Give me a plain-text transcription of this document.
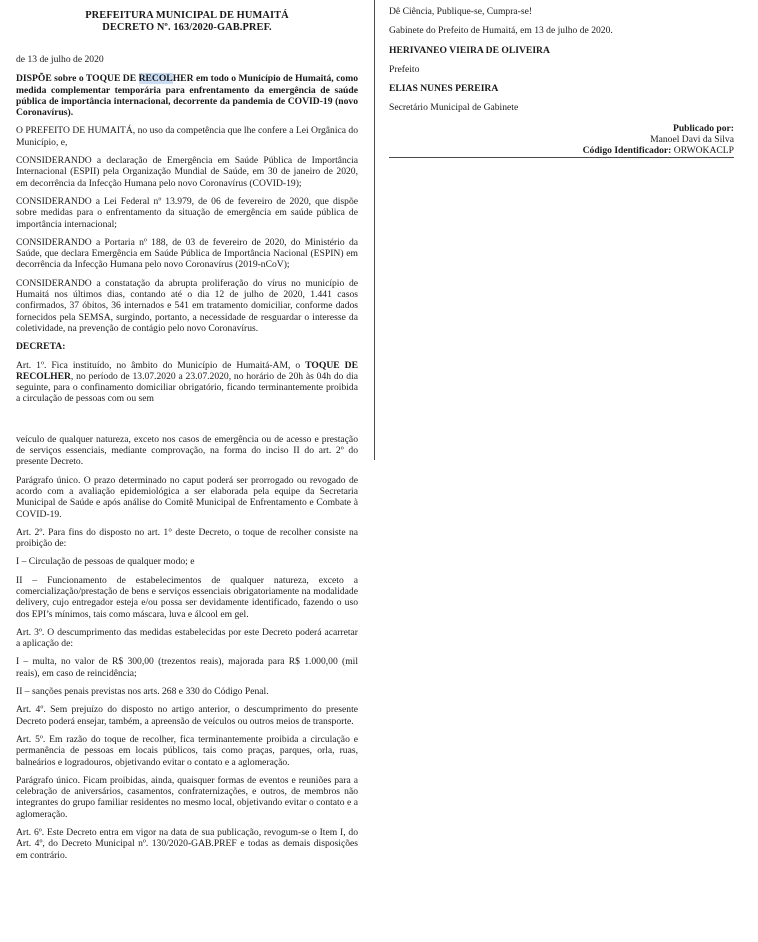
PREFEITURA MUNICIPAL DE HUMAITÁ
DECRETO Nº. 163/2020-GAB.PREF.
de 13 de julho de 2020
DISPÕE sobre o TOQUE DE RECOLHER em todo o Município de Humaitá, como medida complementar temporária para enfrentamento da emergência de saúde pública de importância internacional, decorrente da pandemia de COVID-19 (novo Coronavírus).

O PREFEITO DE HUMAITÁ, no uso da competência que lhe confere a Lei Orgânica do Município, e,

CONSIDERANDO a declaração de Emergência em Saúde Pública de Importância Internacional (ESPII) pela Organização Mundial de Saúde, em 30 de janeiro de 2020, em decorrência da Infecção Humana pelo novo Coronavírus (COVID-19);

CONSIDERANDO a Lei Federal nº 13.979, de 06 de fevereiro de 2020, que dispõe sobre medidas para o enfrentamento da situação de emergência em saúde pública de importância internacional;

CONSIDERANDO a Portaria nº 188, de 03 de fevereiro de 2020, do Ministério da Saúde, que declara Emergência em Saúde Pública de Importância Nacional (ESPIN) em decorrência da Infecção Humana pelo novo Coronavírus (2019-nCoV);

CONSIDERANDO a constatação da abrupta proliferação do vírus no município de Humaitá nos últimos dias, contando até o dia 12 de julho de 2020, 1.441 casos confirmados, 37 óbitos, 36 internados e 541 em tratamento domiciliar, conforme dados fornecidos pela SEMSA, surgindo, portanto, a necessidade de resguardar o interesse da coletividade, na prevenção de contágio pelo novo Coronavírus.

DECRETA:

Art. 1º. Fica instituído, no âmbito do Município de Humaitá-AM, o TOQUE DE RECOLHER, no período de 13.07.2020 a 23.07.2020, no horário de 20h às 04h do dia seguinte, para o confinamento domiciliar obrigatório, ficando terminantemente proibida a circulação de pessoas com ou sem

veículo de qualquer natureza, exceto nos casos de emergência ou de acesso e prestação de serviços essenciais, mediante comprovação, na forma do inciso II do art. 2º do presente Decreto.

Parágrafo único. O prazo determinado no caput poderá ser prorrogado ou revogado de acordo com a avaliação epidemiológica a ser elaborada pela equipe da Secretaria Municipal de Saúde e após análise do Comitê Municipal de Enfrentamento e Combate à COVID-19.

Art. 2º. Para fins do disposto no art. 1° deste Decreto, o toque de recolher consiste na proibição de:

I – Circulação de pessoas de qualquer modo; e

II – Funcionamento de estabelecimentos de qualquer natureza, exceto a comercialização/prestação de bens e serviços essenciais obrigatoriamente na modalidade delivery, cujo entregador esteja e/ou possa ser devidamente identificado, fazendo o uso dos EPI’s mínimos, tais como máscara, luva e álcool em gel.

Art. 3º. O descumprimento das medidas estabelecidas por este Decreto poderá acarretar a aplicação de:

I – multa, no valor de R$ 300,00 (trezentos reais), majorada para R$ 1.000,00 (mil reais), em caso de reincidência;

II – sanções penais previstas nos arts. 268 e 330 do Código Penal.

Art. 4º. Sem prejuízo do disposto no artigo anterior, o descumprimento do presente Decreto poderá ensejar, também, a apreensão de veículos ou outros meios de transporte.

Art. 5º. Em razão do toque de recolher, fica terminantemente proibida a circulação e permanência de pessoas em locais públicos, tais como praças, parques, orla, ruas, balneários e logradouros, objetivando evitar o contato e a aglomeração.

Parágrafo único. Ficam proibidas, ainda, quaisquer formas de eventos e reuniões para a celebração de aniversários, casamentos, confraternizações, e outros, de membros não integrantes do grupo familiar residentes no mesmo local, objetivando evitar o contato e a aglomeração.

Art. 6º. Este Decreto entra em vigor na data de sua publicação, revogum-se o Item I, do Art. 4º, do Decreto Municipal nº. 130/2020-GAB.PREF e todas as demais disposições em contrário.

Dê Ciência, Publique-se, Cumpra-se!
Gabinete do Prefeito de Humaitá, em 13 de julho de 2020.
HERIVANEO VIEIRA DE OLIVEIRA
Prefeito
ELIAS NUNES PEREIRA
Secretário Municipal de Gabinete
Publicado por:
Manoel Davi da Silva
Código Identificador: ORWOKACLP
